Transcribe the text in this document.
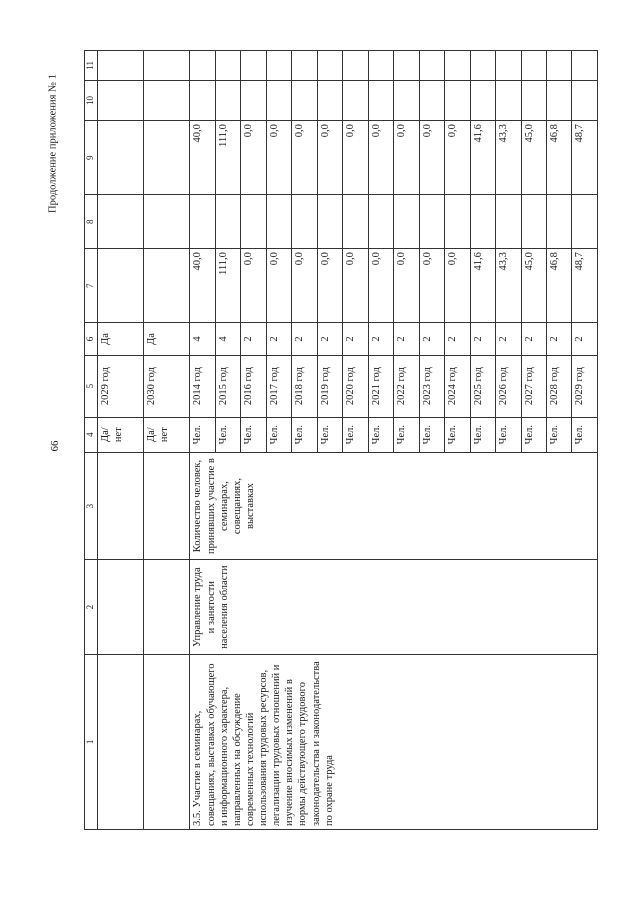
66
Продолжение приложения № 1
1	2	3	4	5	6	7	8	9	10	11
			Да/нет	2029 год	Да					
			Да/нет	2030 год	Да					
3.5. Участие в семинарах, совещаниях, выставках обучающего и информационного характера, направленных на обсуждение современных технологий использования трудовых ресурсов, легализации трудовых отношений и изучение вносимых изменений в нормы действующего трудового законодательства и законодательства по охране труда	Управление труда и занятости населения области	Количество человек, принявших участие в семинарах, совещаниях, выставках	Чел.	2014 год	4	40,0		40,0		
			Чел.	2015 год	4	111,0		111,0		
			Чел.	2016 год	2	0,0		0,0		
			Чел.	2017 год	2	0,0		0,0		
			Чел.	2018 год	2	0,0		0,0		
			Чел.	2019 год	2	0,0		0,0		
			Чел.	2020 год	2	0,0		0,0		
			Чел.	2021 год	2	0,0		0,0		
			Чел.	2022 год	2	0,0		0,0		
			Чел.	2023 год	2	0,0		0,0		
			Чел.	2024 год	2	0,0		0,0		
			Чел.	2025 год	2	41,6		41,6		
			Чел.	2026 год	2	43,3		43,3		
			Чел.	2027 год	2	45,0		45,0		
			Чел.	2028 год	2	46,8		46,8		
			Чел.	2029 год	2	48,7		48,7		
